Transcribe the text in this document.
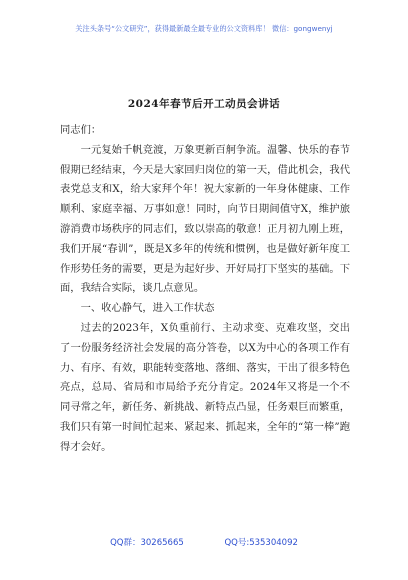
关注头条号“公文研究”，获得最新最全最专业的公文资料库！ 微信：gongwenyj
2024年春节后开工动员会讲话

同志们：

一元复始千帆竞渡，万象更新百舸争流。温馨、快乐的春节假期已经结束，今天是大家回归岗位的第一天，借此机会，我代表党总支和X，给大家拜个年！祝大家新的一年身体健康、工作顺利、家庭幸福、万事如意！同时，向节日期间值守X，维护旅游消费市场秩序的同志们，致以崇高的敬意！正月初九刚上班，我们开展“春训”，既是X多年的传统和惯例，也是做好新年度工作形势任务的需要，更是为起好步、开好局打下坚实的基础。下面，我结合实际，谈几点意见。

一、收心静气，进入工作状态

过去的2023年，X负重前行、主动求变、克难攻坚，交出了一份服务经济社会发展的高分答卷，以X为中心的各项工作有力、有序、有效，职能转变落地、落细、落实，干出了很多特色亮点，总局、省局和市局给予充分肯定。2024年又将是一个不同寻常之年，新任务、新挑战、新特点凸显，任务艰巨而繁重，我们只有第一时间忙起来、紧起来、抓起来，全年的“第一棒”跑得才会好。

QQ群：30265665	QQ号:535304092
